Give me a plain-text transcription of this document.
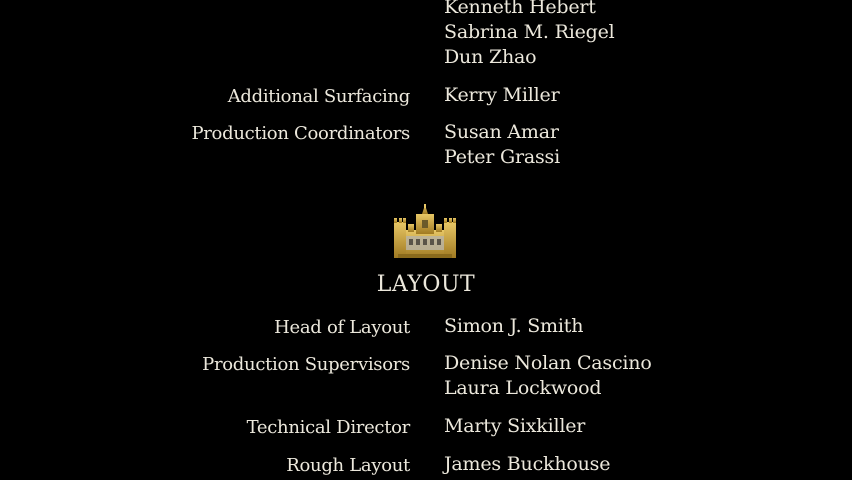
Kenneth Hebert
Sabrina M. Riegel
Dun Zhao
Additional Surfacing Kerry Miller
Production Coordinators Susan Amar
Peter Grassi
LAYOUT
Head of Layout Simon J. Smith
Production Supervisors Denise Nolan Cascino
Laura Lockwood
Technical Director Marty Sixkiller
Rough Layout James Buckhouse
